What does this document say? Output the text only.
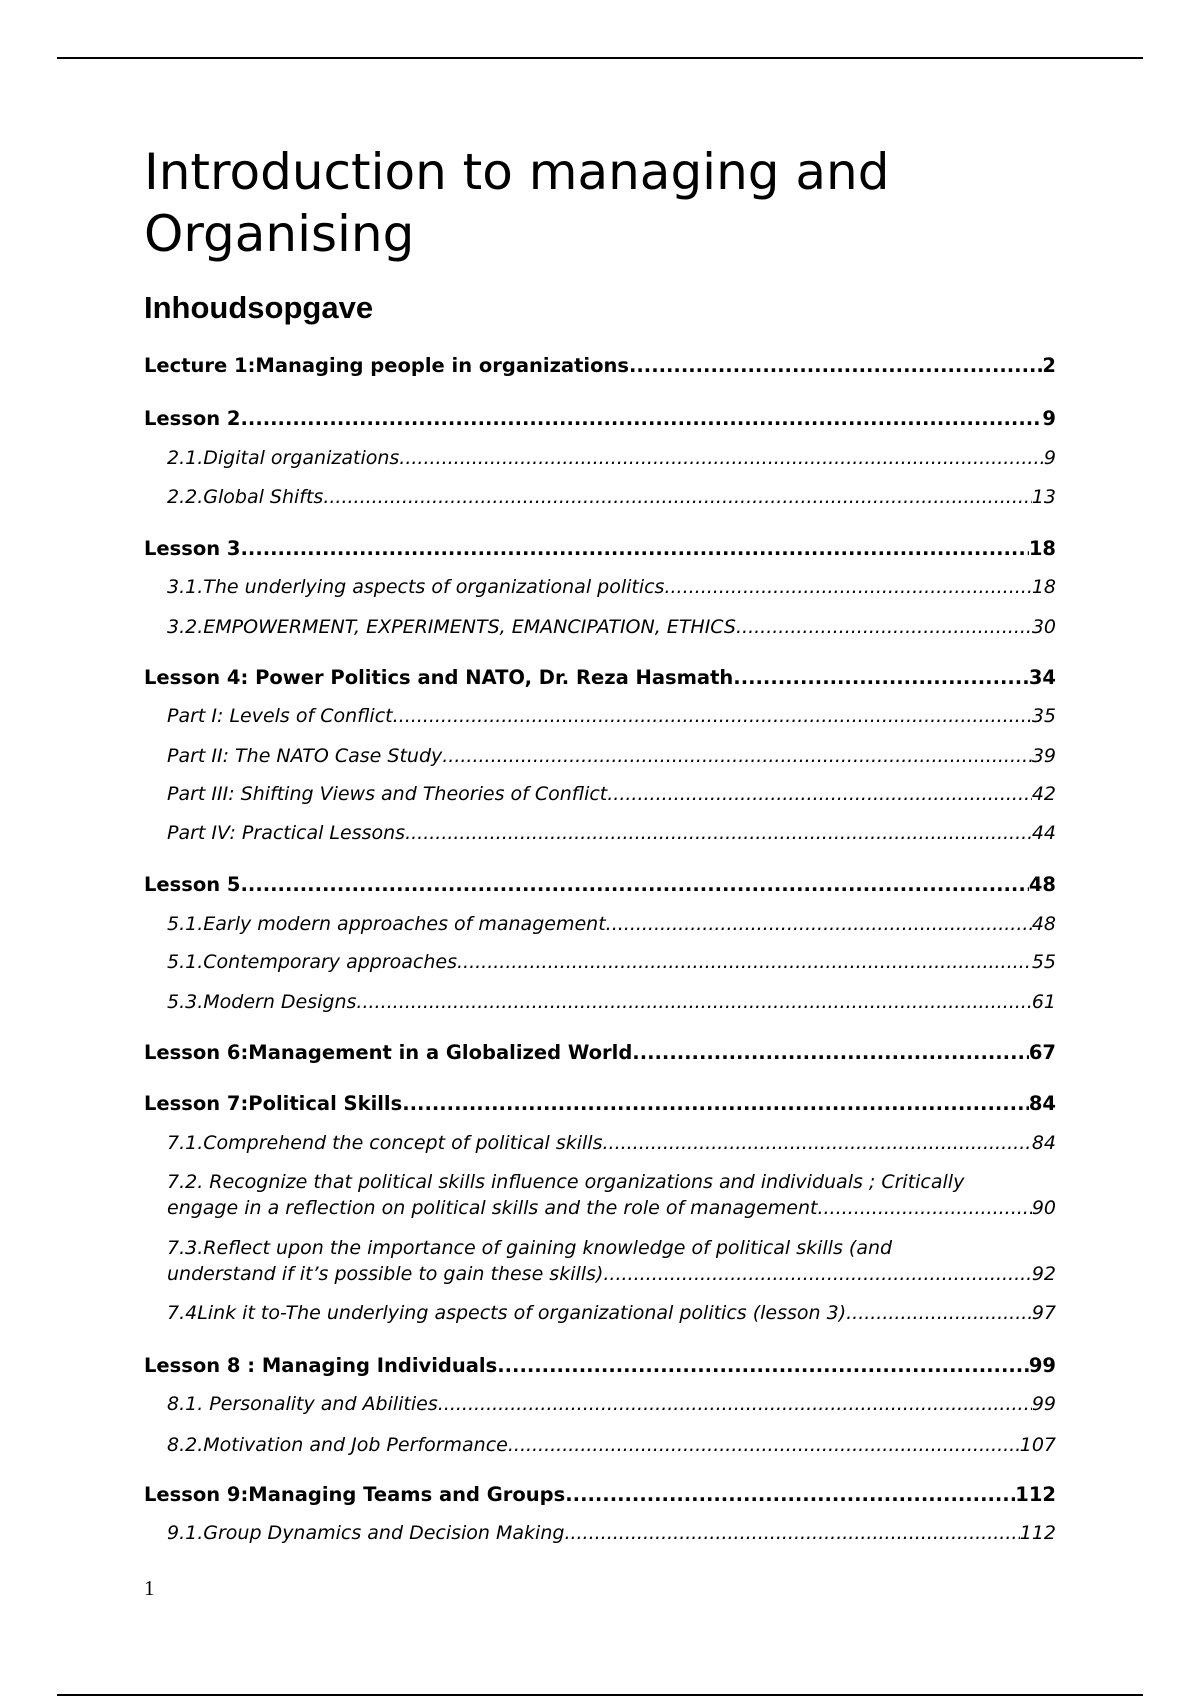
Introduction to managing and Organising
Inhoudsopgave
Lecture 1:Managing people in organizations .....	2
Lesson 2 .....	9
2.1.Digital organizations .....	9
2.2.Global Shifts .....	13
Lesson 3 .....	18
3.1.The underlying aspects of organizational politics .....	18
3.2.EMPOWERMENT, EXPERIMENTS, EMANCIPATION, ETHICS .....	30
Lesson 4: Power Politics and NATO, Dr. Reza Hasmath .....	34
Part I: Levels of Conflict .....	35
Part II: The NATO Case Study .....	39
Part III: Shifting Views and Theories of Conflict .....	42
Part IV: Practical Lessons .....	44
Lesson 5 .....	48
5.1.Early modern approaches of management .....	48
5.1.Contemporary approaches .....	55
5.3.Modern Designs .....	61
Lesson 6:Management in a Globalized World .....	67
Lesson 7:Political Skills .....	84
7.1.Comprehend the concept of political skills .....	84
7.2. Recognize that political skills influence organizations and individuals ; Critically
engage in a reflection on political skills and the role of management .....	90
7.3.Reflect upon the importance of gaining knowledge of political skills (and
understand if it’s possible to gain these skills) .....	92
7.4Link it to-The underlying aspects of organizational politics (lesson 3) .....	97
Lesson 8 : Managing Individuals .....	99
8.1. Personality and Abilities .....	99
8.2.Motivation and Job Performance .....	107
Lesson 9:Managing Teams and Groups .....	112
9.1.Group Dynamics and Decision Making .....	112
1
